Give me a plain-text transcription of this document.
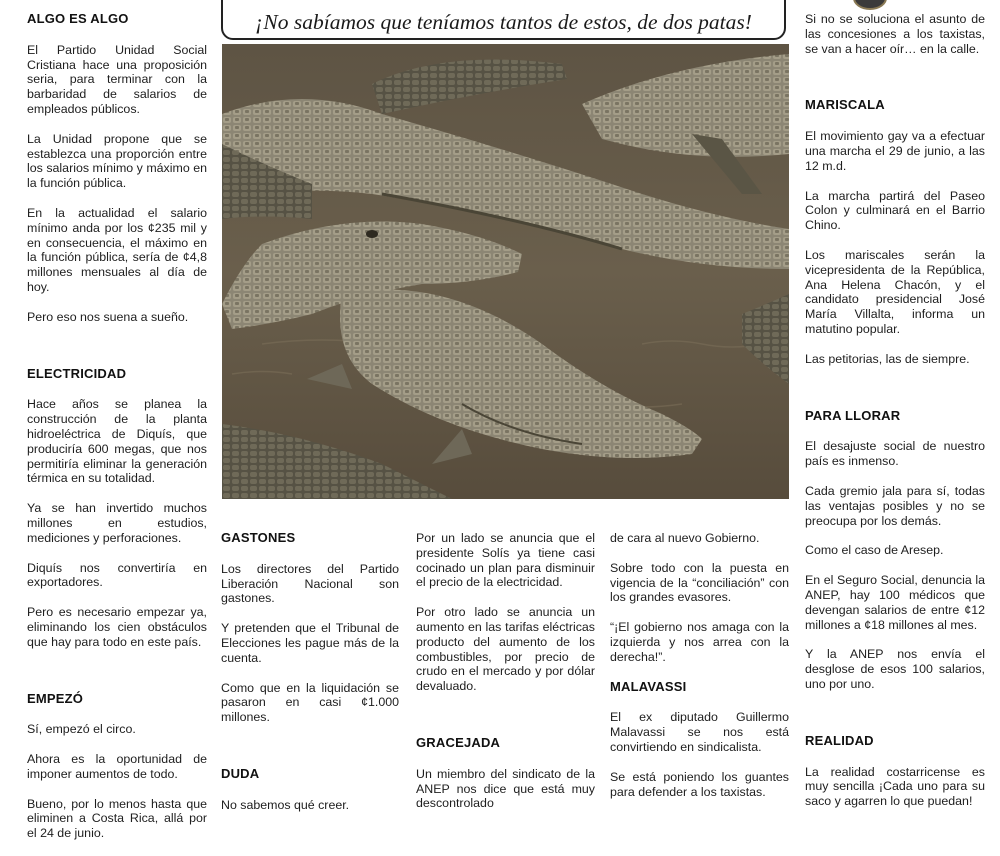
ALGO ES ALGO

El Partido Unidad Social Cristiana hace una proposición seria, para terminar con la barbaridad de salarios de empleados públicos.

La Unidad propone que se establezca una proporción entre los salarios mínimo y máximo en la función pública.

En la actualidad el salario mínimo anda por los ¢235 mil y en consecuencia, el máximo en la función pública, sería de ¢4,8 millones mensuales al día de hoy.

Pero eso nos suena a sueño.

ELECTRICIDAD

Hace años se planea la construcción de la planta hidroeléctrica de Diquís, que produciría 600 megas, que nos permitiría eliminar la generación térmica en su totalidad.

Ya se han invertido muchos millones en estudios, mediciones y perforaciones.

Diquís nos convertiría en exportadores.

Pero es necesario empezar ya, eliminando los cien obstáculos que hay para todo en este país.

EMPEZÓ

Sí, empezó el circo.

Ahora es la oportunidad de imponer aumentos de todo.

Bueno, por lo menos hasta que eliminen a Costa Rica, allá por el 24 de junio.

¡No sabíamos que teníamos tantos de estos, de dos patas!
GASTONES

Los directores del Partido Liberación Nacional son gastones.

Y pretenden que el Tribunal de Elecciones les pague más de la cuenta.

Como que en la liquidación se pasaron en casi ¢1.000 millones.

DUDA

No sabemos qué creer.

Por un lado se anuncia que el presidente Solís ya tiene casi cocinado un plan para disminuir el precio de la electricidad.

Por otro lado se anuncia un aumento en las tarifas eléctricas producto del aumento de los combustibles, por precio de crudo en el mercado y por dólar devaluado.

GRACEJADA

Un miembro del sindicato de la ANEP nos dice que está muy descontrolado

de cara al nuevo Gobierno.

Sobre todo con la puesta en vigencia de la “conciliación” con los grandes evasores.

“¡El gobierno nos amaga con la izquierda y nos arrea con la derecha!”.

MALAVASSI

El ex diputado Guillermo Malavassi se nos está convirtiendo en sindicalista.

Se está poniendo los guantes para defender a los taxistas.

Si no se soluciona el asunto de las concesiones a los taxistas, se van a hacer oír… en la calle.

MARISCALA

El movimiento gay va a efectuar una marcha el 29 de junio, a las 12 m.d.

La marcha partirá del Paseo Colon y culminará en el Barrio Chino.

Los mariscales serán la vicepresidenta de la República, Ana Helena Chacón, y el candidato presidencial José María Villalta, informa un matutino popular.

Las petitorias, las de siempre.

PARA LLORAR

El desajuste social de nuestro país es inmenso.

Cada gremio jala para sí, todas las ventajas posibles y no se preocupa por los demás.

Como el caso de Aresep.

En el Seguro Social, denuncia la ANEP, hay 100 médicos que devengan salarios de entre ¢12 millones a ¢18 millones al mes.

Y la ANEP nos envía el desglose de esos 100 salarios, uno por uno.

REALIDAD

La realidad costarricense es muy sencilla ¡Cada uno para su saco y agarren lo que puedan!
